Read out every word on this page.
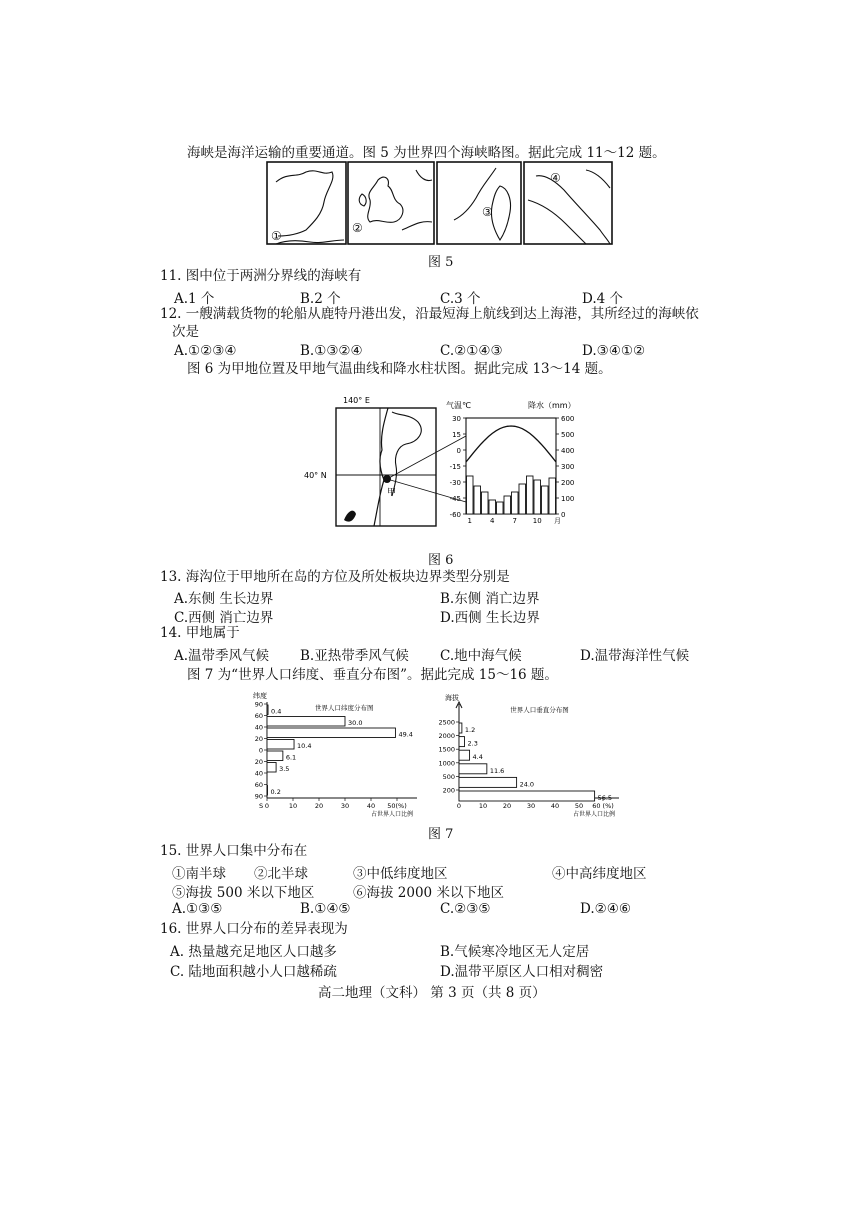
海峡是海洋运输的重要通道。图 5 为世界四个海峡略图。据此完成 11～12 题。
①
②
③
④
图 5
11. 图中位于两洲分界线的海峡有
A.1 个	B.2 个	C.3 个	D.4 个
12. 一艘满载货物的轮船从鹿特丹港出发，沿最短海上航线到达上海港，其所经过的海峡依
次是
A.①②③④	B.①③②④	C.②①④③	D.③④①②
图 6 为甲地位置及甲地气温曲线和降水柱状图。据此完成 13～14 题。
140° E
40° N
甲
气温℃	降水（mm）
30
15
0
-15
-30
-45
-60
600
500
400
300
200
100
0
1	4	7 10 月
图 6
13. 海沟位于甲地所在岛的方位及所处板块边界类型分别是
A.东侧 生长边界	B.东侧 消亡边界
C.西侧 消亡边界	D.西侧 生长边界
14. 甲地属于
A.温带季风气候 B.亚热带季风气候 C.地中海气候	D.温带海洋性气候
图 7 为“世界人口纬度、垂直分布图”。据此完成 15～16 题。
纬度
世界人口纬度分布图
90
60
40
20
0
20
40
60
90
0	10	20	30	40 50(%)
占世界人口比例
0.4
30.0
49.4
10.4
6.1
3.5
0.2
S
海拔
世界人口垂直分布图
2500
2000
1500
1000
500
200
0	10 20 30 40 50 60 (%)
占世界人口比例
1.2
2.3
4.4
11.6
24.0
56.5
图 7
15. 世界人口集中分布在
①南半球 ②北半球	③中低纬度地区	④中高纬度地区
⑤海拔 500 米以下地区	⑥海拔 2000 米以下地区
A.①③⑤	B.①④⑤	C.②③⑤	D.②④⑥
16. 世界人口分布的差异表现为
A. 热量越充足地区人口越多	B.气候寒冷地区无人定居
C. 陆地面积越小人口越稀疏	D.温带平原区人口相对稠密
高二地理（文科） 第 3 页（共 8 页）
